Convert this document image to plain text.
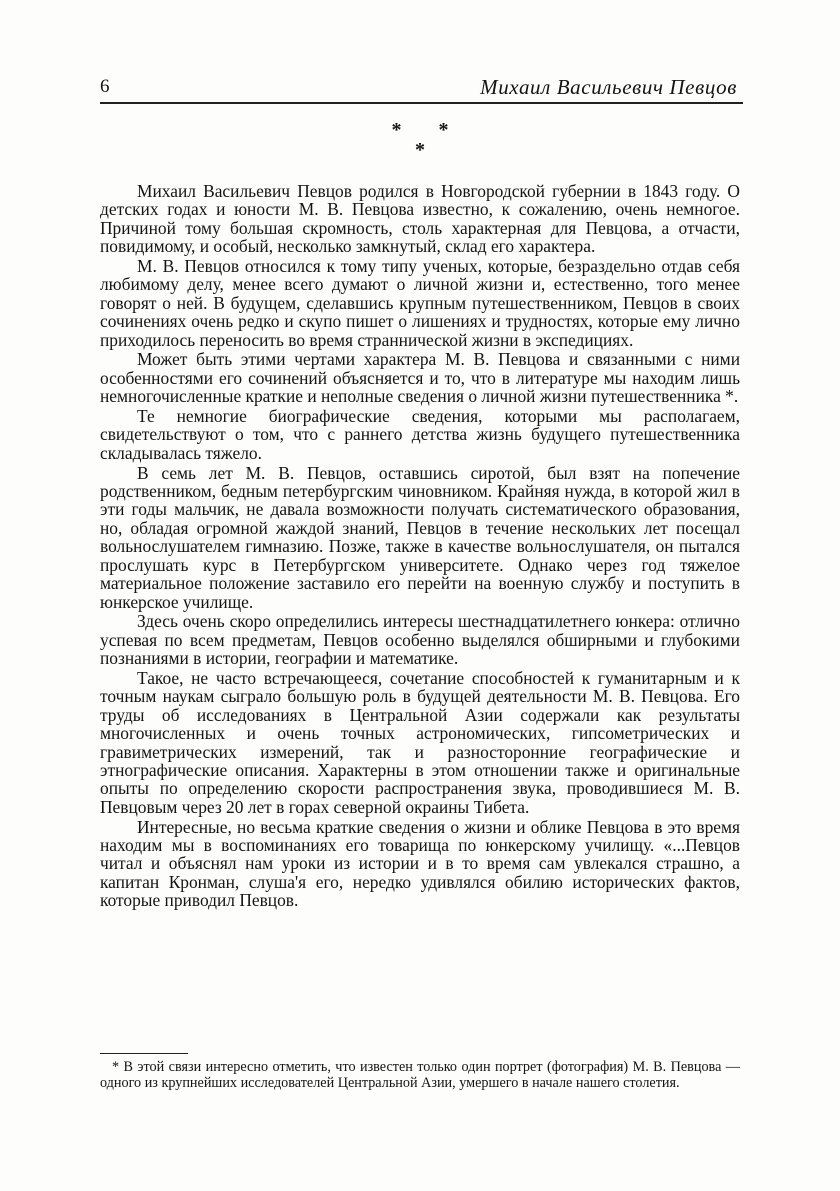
6	Михаил Васильевич Певцов
* *
*

Михаил Васильевич Певцов родился в Новгородской губернии в 1843 году. О детских годах и юности М. В. Певцова известно, к сожалению, очень немногое. Причиной тому большая скромность, столь характерная для Певцова, а отчасти, повидимому, и особый, несколько замкнутый, склад его характера.

М. В. Певцов относился к тому типу ученых, которые, безраздельно отдав себя любимому делу, менее всего думают о личной жизни и, естественно, того менее говорят о ней. В будущем, сделавшись крупным путешественником, Певцов в своих сочинениях очень редко и скупо пишет о лишениях и трудностях, которые ему лично приходилось переносить во время страннической жизни в экспедициях.

Может быть этими чертами характера М. В. Певцова и связанными с ними особенностями его сочинений объясняется и то, что в литературе мы находим лишь немногочисленные краткие и неполные сведения о личной жизни путешественника *.

Те немногие биографические сведения, которыми мы располагаем, свидетельствуют о том, что с раннего детства жизнь будущего путешественника складывалась тяжело.

В семь лет М. В. Певцов, оставшись сиротой, был взят на попечение родственником, бедным петербургским чиновником. Крайняя нужда, в которой жил в эти годы мальчик, не давала возможности получать систематического образования, но, обладая огромной жаждой знаний, Певцов в течение нескольких лет посещал вольнослушателем гимназию. Позже, также в качестве вольнослушателя, он пытался прослушать курс в Петербургском университете. Однако через год тяжелое материальное положение заставило его перейти на военную службу и поступить в юнкерское училище.

Здесь очень скоро определились интересы шестнадцатилетнего юнкера: отлично успевая по всем предметам, Певцов особенно выделялся обширными и глубокими познаниями в истории, географии и математике.

Такое, не часто встречающееся, сочетание способностей к гуманитарным и к точным наукам сыграло большую роль в будущей деятельности М. В. Певцова. Его труды об исследованиях в Центральной Азии содержали как результаты многочисленных и очень точных астрономических, гипсометрических и гравиметрических измерений, так и разносторонние географические и этнографические описания. Характерны в этом отношении также и оригинальные опыты по определению скорости распространения звука, проводившиеся М. В. Певцовым через 20 лет в горах северной окраины Тибета.

Интересные, но весьма краткие сведения о жизни и облике Певцова в это время находим мы в воспоминаниях его товарища по юнкерскому училищу. «...Певцов читал и объяснял нам уроки из истории и в то время сам увлекался страшно, а капитан Кронман, слуша'я его, нередко удивлялся обилию исторических фактов, которые приводил Певцов.

* В этой связи интересно отметить, что известен только один портрет (фотография) М. В. Певцова — одного из крупнейших исследователей Центральной Азии, умершего в начале нашего столетия.
